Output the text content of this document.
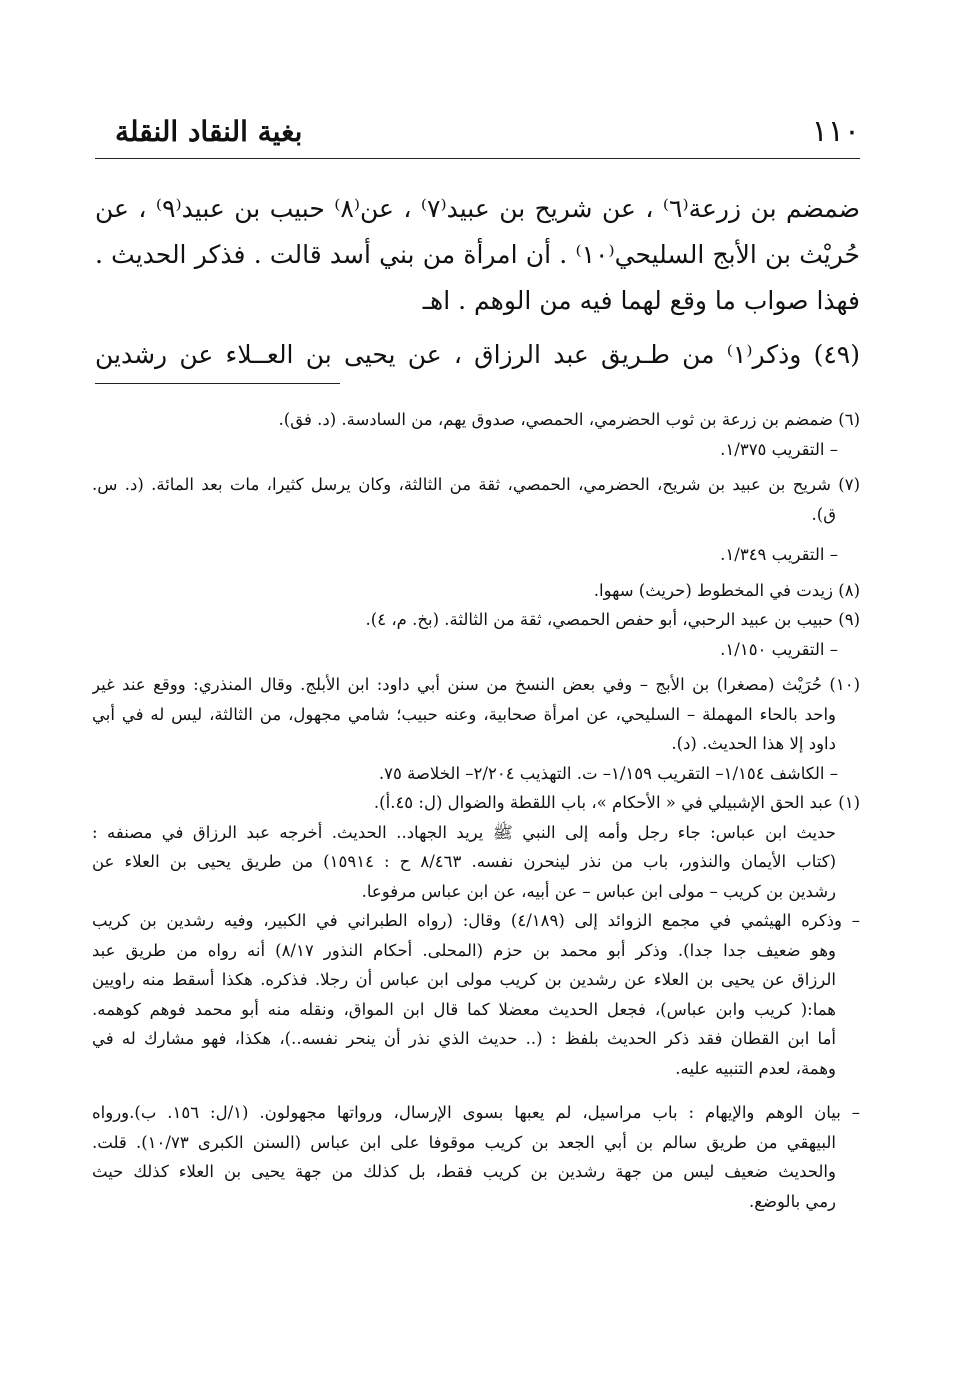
١١٠
بغية النقاد النقلة
ضمضم بن زرعة⁽٦⁾ ، عن شريح بن عبيد⁽٧⁾ ، عن⁽٨⁾ حبيب بن عبيد⁽٩⁾ ، عن
حُريْث بن الأبج السليحي⁽١٠⁾ . أن امرأة من بني أسد قالت . فذكر الحديث .
فهذا صواب ما وقع لهما فيه من الوهم . اهـ
(٤٩) وذكر⁽١⁾ من طـريق عبد الرزاق ، عن يحيى بن العــلاء عن رشدين
(٦) ضمضم بن زرعة بن ثوب الحضرمي، الحمصي، صدوق يهم، من السادسة. (د. فق).
– التقريب ١/٣٧٥.
(٧) شريح بن عبيد بن شريح، الحضرمي، الحمصي، ثقة من الثالثة، وكان يرسل كثيرا، مات بعد المائة. (د. س.
ق).
– التقريب ١/٣٤٩.
(٨) زيدت في المخطوط (حريث) سهوا.
(٩) حبيب بن عبيد الرحبي، أبو حفص الحمصي، ثقة من الثالثة. (بخ. م، ٤).
– التقريب ١/١٥٠.
(١٠) حُرَيْث (مصغرا) بن الأبج – وفي بعض النسخ من سنن أبي داود: ابن الأبلج. وقال المنذري: ووقع عند غير
واحد بالحاء المهملة – السليحي، عن امرأة صحابية، وعنه حبيب؛ شامي مجهول، من الثالثة، ليس له في أبي
داود إلا هذا الحديث. (د).
– الكاشف ١/١٥٤– التقريب ١/١٥٩– ت. التهذيب ٢/٢٠٤– الخلاصة ٧٥.
(١) عبد الحق الإشبيلي في « الأحكام »، باب اللقطة والضوال (ل: ٤٥.أ).
حديث ابن عباس: جاء رجل وأمه إلى النبي ﷺ يريد الجهاد.. الحديث. أخرجه عبد الرزاق في مصنفه :
(كتاب الأيمان والنذور، باب من نذر لينحرن نفسه. ٨/٤٦٣ ح : ١٥٩١٤) من طريق يحيى بن العلاء عن
رشدين بن كريب – مولى ابن عباس – عن أبيه، عن ابن عباس مرفوعا.
– وذكره الهيثمي في مجمع الزوائد إلى (٤/١٨٩) وقال: (رواه الطبراني في الكبير، وفيه رشدين بن كريب
وهو ضعيف جدا جدا). وذكر أبو محمد بن حزم (المحلى. أحكام النذور ٨/١٧) أنه رواه من طريق عبد
الرزاق عن يحيى بن العلاء عن رشدين بن كريب مولى ابن عباس أن رجلا. فذكره. هكذا أسقط منه راويين
هما:( كريب وابن عباس)، فجعل الحديث معضلا كما قال ابن المواق، ونقله منه أبو محمد فوهم كوهمه.
أما ابن القطان فقد ذكر الحديث بلفظ : (.. حديث الذي نذر أن ينحر نفسه..)، هكذا، فهو مشارك له في
وهمة، لعدم التنبيه عليه.
– بيان الوهم والإيهام : باب مراسيل، لم يعبها بسوى الإرسال، ورواتها مجهولون. (١/ل: ١٥٦. ب).ورواه
البيهقي من طريق سالم بن أبي الجعد بن كريب موقوفا على ابن عباس (السنن الكبرى ١٠/٧٣). قلت.
والحديث ضعيف ليس من جهة رشدين بن كريب فقط، بل كذلك من جهة يحيى بن العلاء كذلك حيث
رمي بالوضع.
